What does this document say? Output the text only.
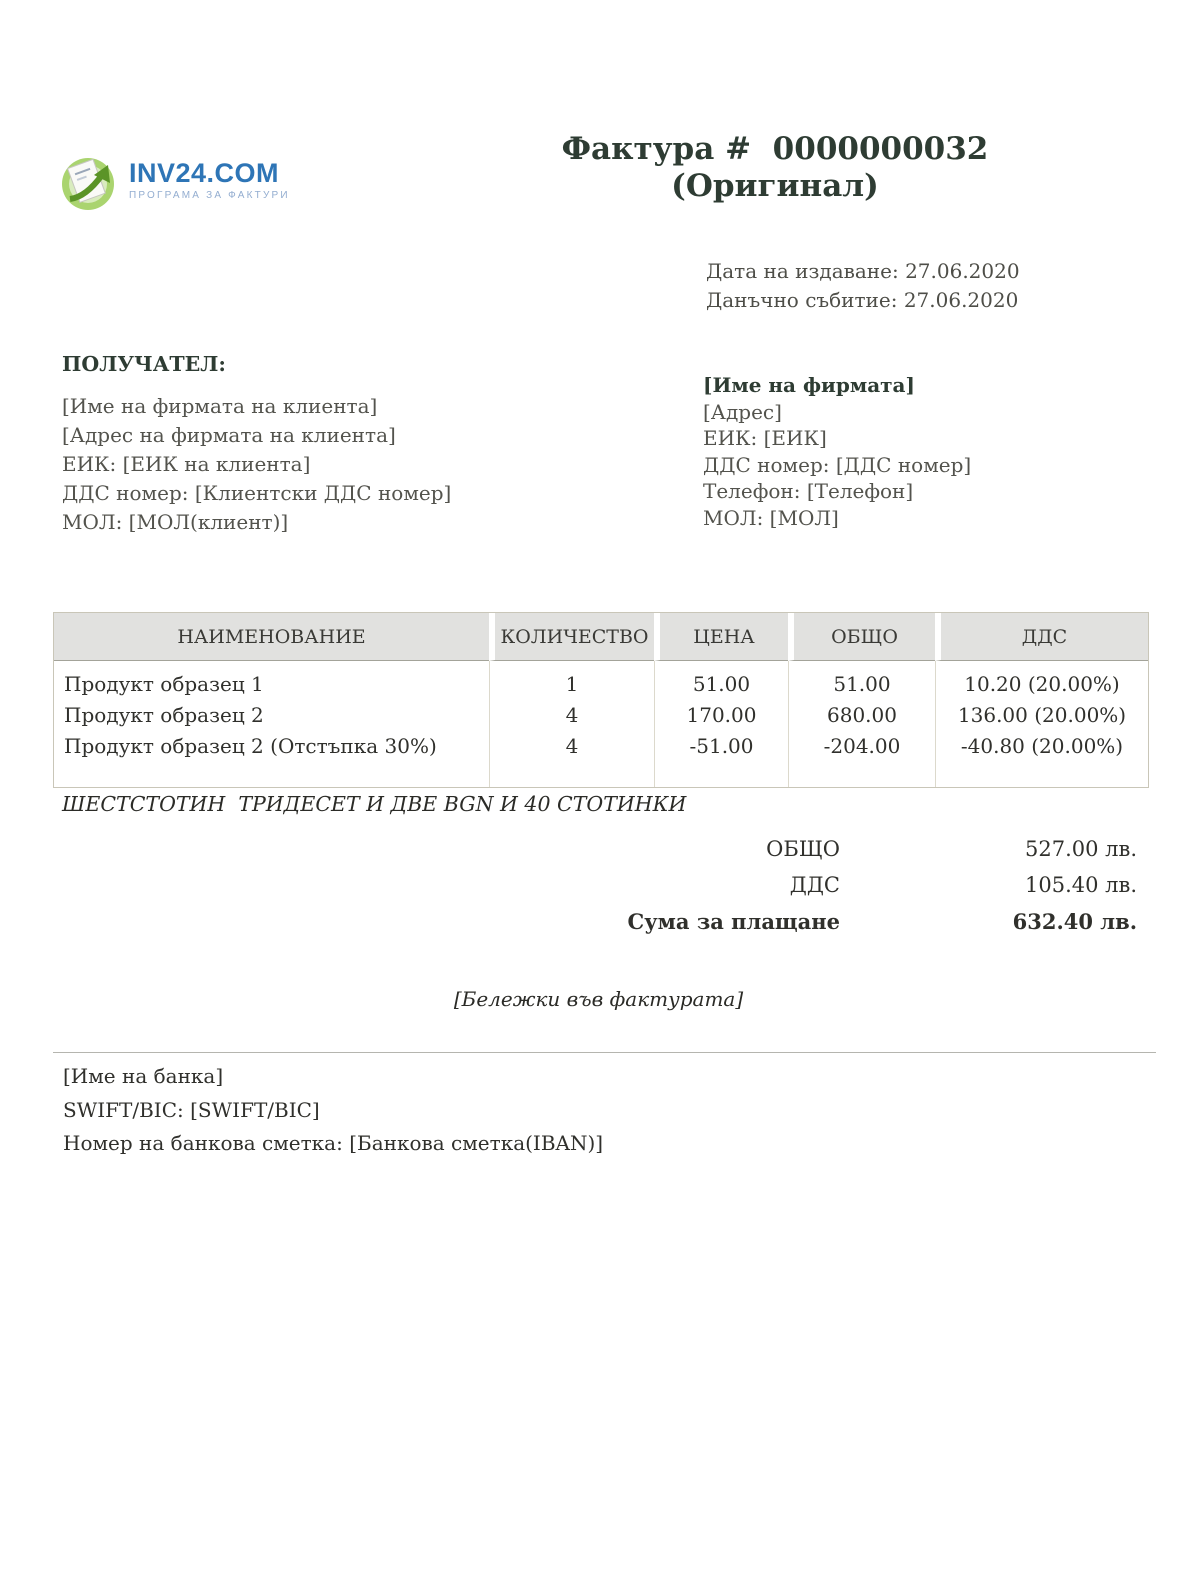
INV24.COM
ПРОГРАМА ЗА ФАКТУРИ
Фактура #  0000000032
(Оригинал)
Дата на издаване: 27.06.2020
Данъчно събитие: 27.06.2020
ПОЛУЧАТЕЛ:
[Име на фирмата на клиента]
[Адрес на фирмата на клиента]
ЕИК: [ЕИК на клиента]
ДДС номер: [Клиентски ДДС номер]
МОЛ: [МОЛ(клиент)]
[Име на фирмата]
[Адрес]
ЕИК: [ЕИК]
ДДС номер: [ДДС номер]
Телефон: [Телефон]
МОЛ: [МОЛ]
НАИМЕНОВАНИЕ	КОЛИЧЕСТВО	ЦЕНА	ОБЩО	ДДС
Продукт образец 1	1	51.00	51.00	10.20 (20.00%)
Продукт образец 2	4	170.00	680.00	136.00 (20.00%)
Продукт образец 2 (Отстъпка 30%)	4	-51.00	-204.00	-40.80 (20.00%)

ШЕСТСТОТИН  ТРИДЕСЕТ И ДВЕ BGN И 40 СТОТИНКИ
ОБЩО	527.00 лв.
ДДС	105.40 лв.
Сума за плащане	632.40 лв.
[Бележки във фактурата]
[Име на банка]
SWIFT/BIC: [SWIFT/BIC]
Номер на банкова сметка: [Банкова сметка(IBAN)]
